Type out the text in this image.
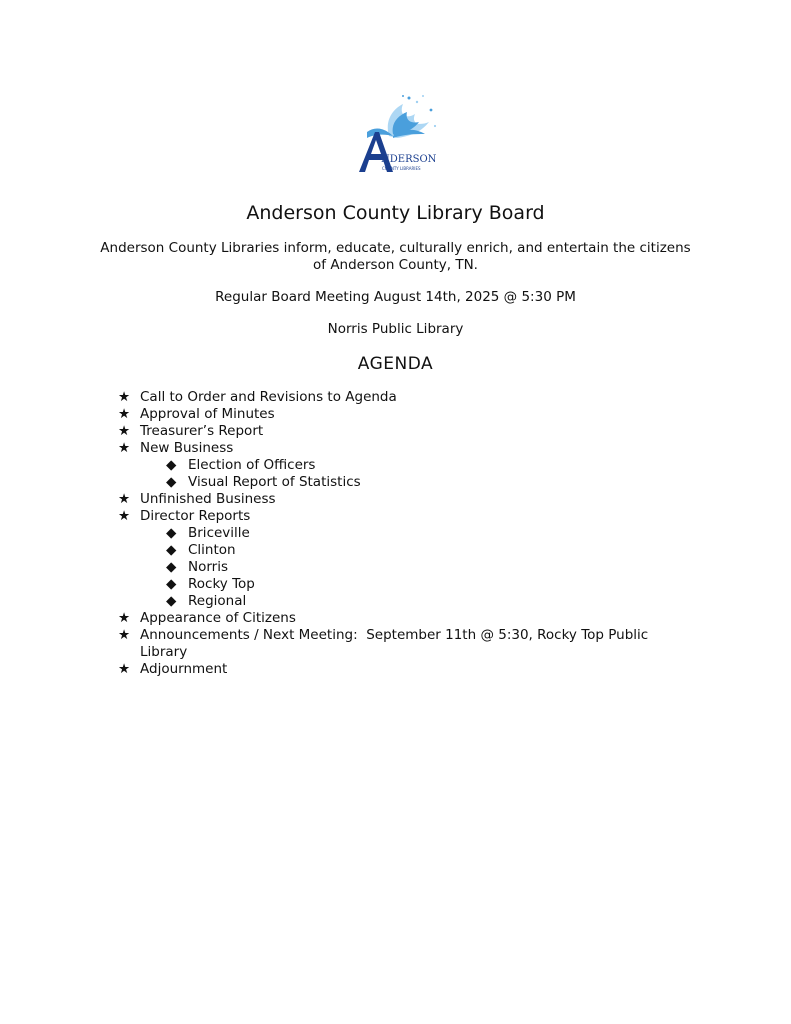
NDERSON
COUNTY LIBRARIES
Anderson County Library Board
Anderson County Libraries inform, educate, culturally enrich, and entertain the citizens of Anderson County, TN.
Regular Board Meeting August 14th, 2025 @ 5:30 PM
Norris Public Library
AGENDA
★ Call to Order and Revisions to Agenda
★ Approval of Minutes
★ Treasurer’s Report
★ New Business
◆ Election of Officers
◆ Visual Report of Statistics
★ Unfinished Business
★ Director Reports
◆ Briceville
◆ Clinton
◆ Norris
◆ Rocky Top
◆ Regional
★ Appearance of Citizens
★ Announcements / Next Meeting:  September 11th @ 5:30, Rocky Top Public Library
★ Adjournment
